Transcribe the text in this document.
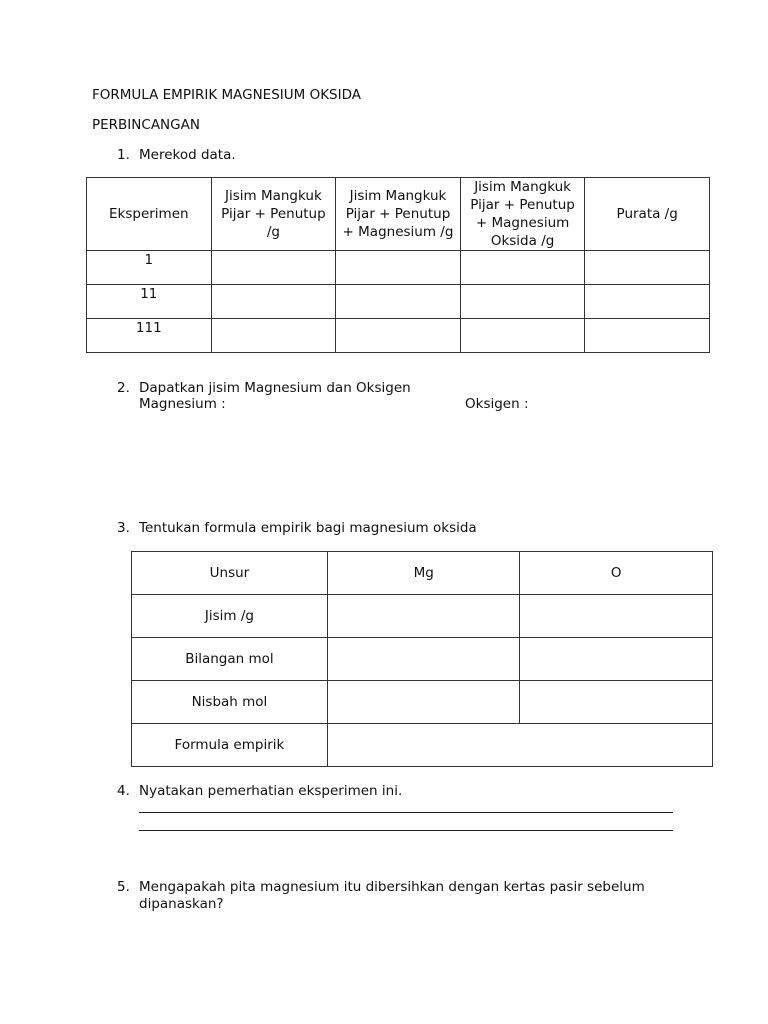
FORMULA EMPIRIK MAGNESIUM OKSIDA
PERBINCANGAN
1. Merekod data.
Eksperimen	Jisim Mangkuk Pijar + Penutup /g	Jisim Mangkuk Pijar + Penutup + Magnesium /g	Jisim Mangkuk Pijar + Penutup + Magnesium Oksida /g	Purata /g
1				
11				
111				
2. Dapatkan jisim Magnesium dan Oksigen
Magnesium :	Oksigen :
3. Tentukan formula empirik bagi magnesium oksida
Unsur	Mg	O
Jisim /g		
Bilangan mol		
Nisbah mol		
Formula empirik		
4. Nyatakan pemerhatian eksperimen ini.
5. Mengapakah pita magnesium itu dibersihkan dengan kertas pasir sebelum
dipanaskan?
